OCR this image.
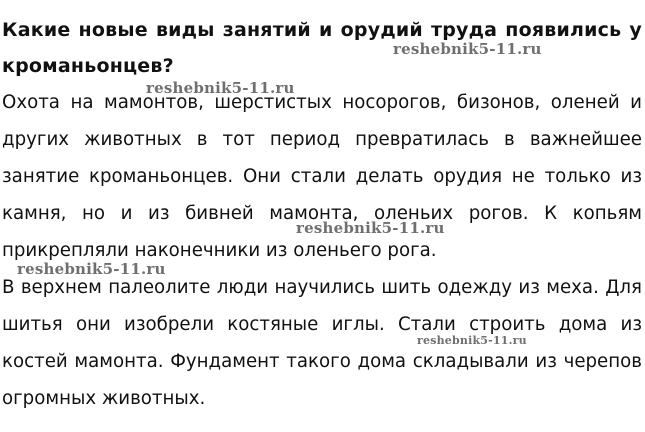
Какие новые виды занятий и орудий труда появились у кроманьонцев?

Охота на мамонтов, шерстистых носорогов, бизонов, оленей и других животных в тот период превратилась в важнейшее занятие кроманьонцев. Они стали делать орудия не только из камня, но и из бивней мамонта, оленьих рогов. К копьям прикрепляли наконечники из оленьего рога.

В верхнем палеолите люди научились шить одежду из меха. Для шитья они изобрели костяные иглы. Стали строить дома из костей мамонта. Фундамент такого дома складывали из черепов огромных животных.

reshebnik5-11.ru
reshebnik5-11.ru
reshebnik5-11.ru
reshebnik5-11.ru
reshebnik5-11.ru
